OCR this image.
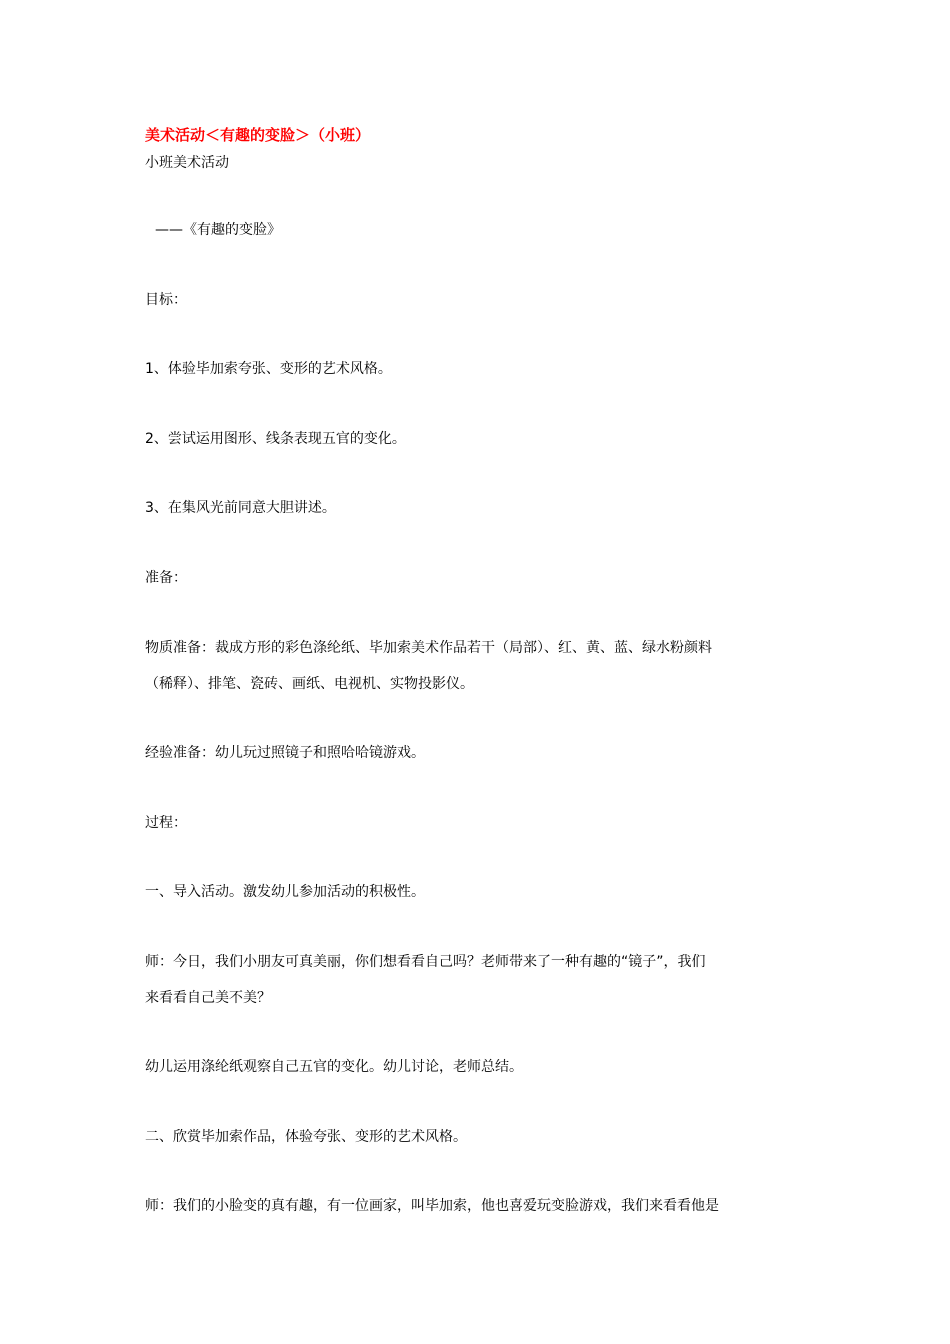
美术活动＜有趣的变脸＞（小班）

小班美术活动

——《有趣的变脸》

目标：

1、体验毕加索夸张、变形的艺术风格。

2、尝试运用图形、线条表现五官的变化。

3、在集风光前同意大胆讲述。

准备：

物质准备：裁成方形的彩色涤纶纸、毕加索美术作品若干（局部）、红、黄、蓝、绿水粉颜料

（稀释）、排笔、瓷砖、画纸、电视机、实物投影仪。

经验准备：幼儿玩过照镜子和照哈哈镜游戏。

过程：

一、导入活动。激发幼儿参加活动的积极性。

师：今日，我们小朋友可真美丽，你们想看看自己吗？老师带来了一种有趣的“镜子”，我们

来看看自己美不美？

幼儿运用涤纶纸观察自己五官的变化。幼儿讨论，老师总结。

二、欣赏毕加索作品，体验夸张、变形的艺术风格。

师：我们的小脸变的真有趣，有一位画家，叫毕加索，他也喜爱玩变脸游戏，我们来看看他是
